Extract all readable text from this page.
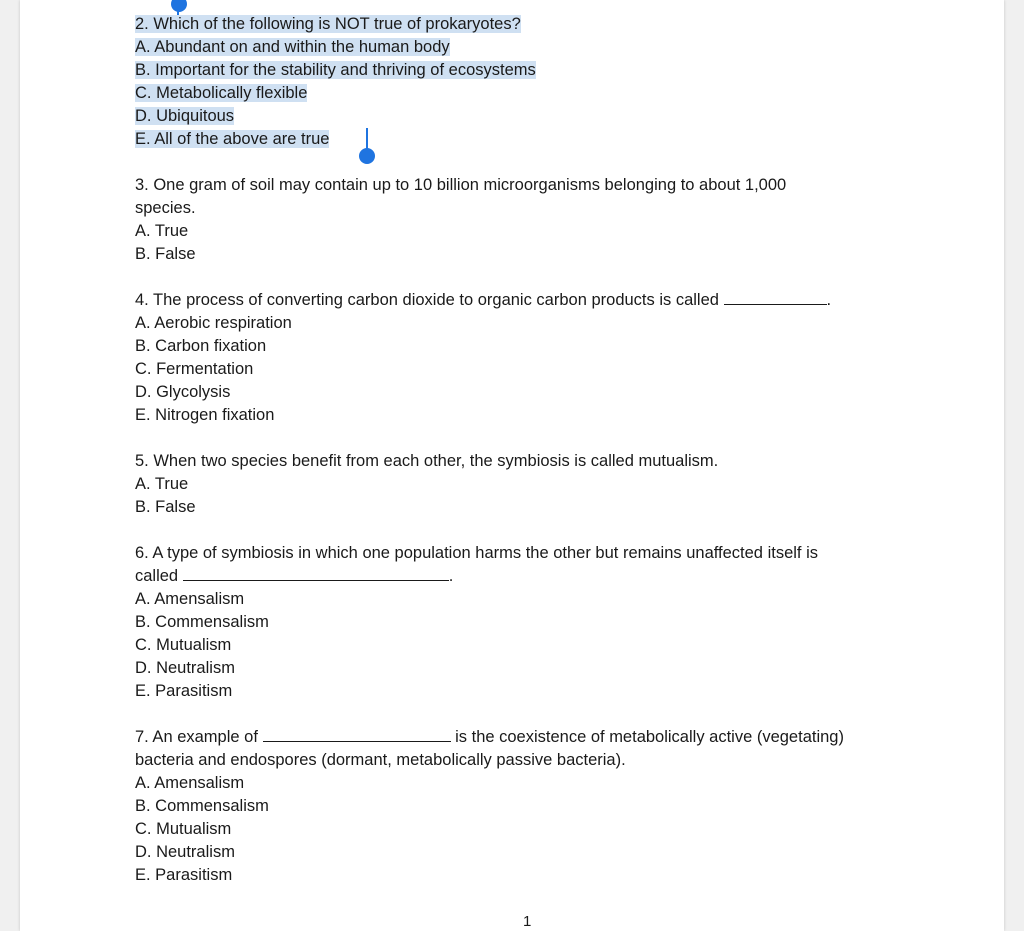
2. Which of the following is NOT true of prokaryotes?
A. Abundant on and within the human body
B. Important for the stability and thriving of ecosystems
C. Metabolically flexible
D. Ubiquitous
E. All of the above are true
3. One gram of soil may contain up to 10 billion microorganisms belonging to about 1,000
species.
A. True
B. False
4. The process of converting carbon dioxide to organic carbon products is called	.
A. Aerobic respiration
B. Carbon fixation
C. Fermentation
D. Glycolysis
E. Nitrogen fixation
5. When two species benefit from each other, the symbiosis is called mutualism.
A. True
B. False
6. A type of symbiosis in which one population harms the other but remains unaffected itself is
called	.
A. Amensalism
B. Commensalism
C. Mutualism
D. Neutralism
E. Parasitism
7. An example of	is the coexistence of metabolically active (vegetating)
bacteria and endospores (dormant, metabolically passive bacteria).
A. Amensalism
B. Commensalism
C. Mutualism
D. Neutralism
E. Parasitism
1
